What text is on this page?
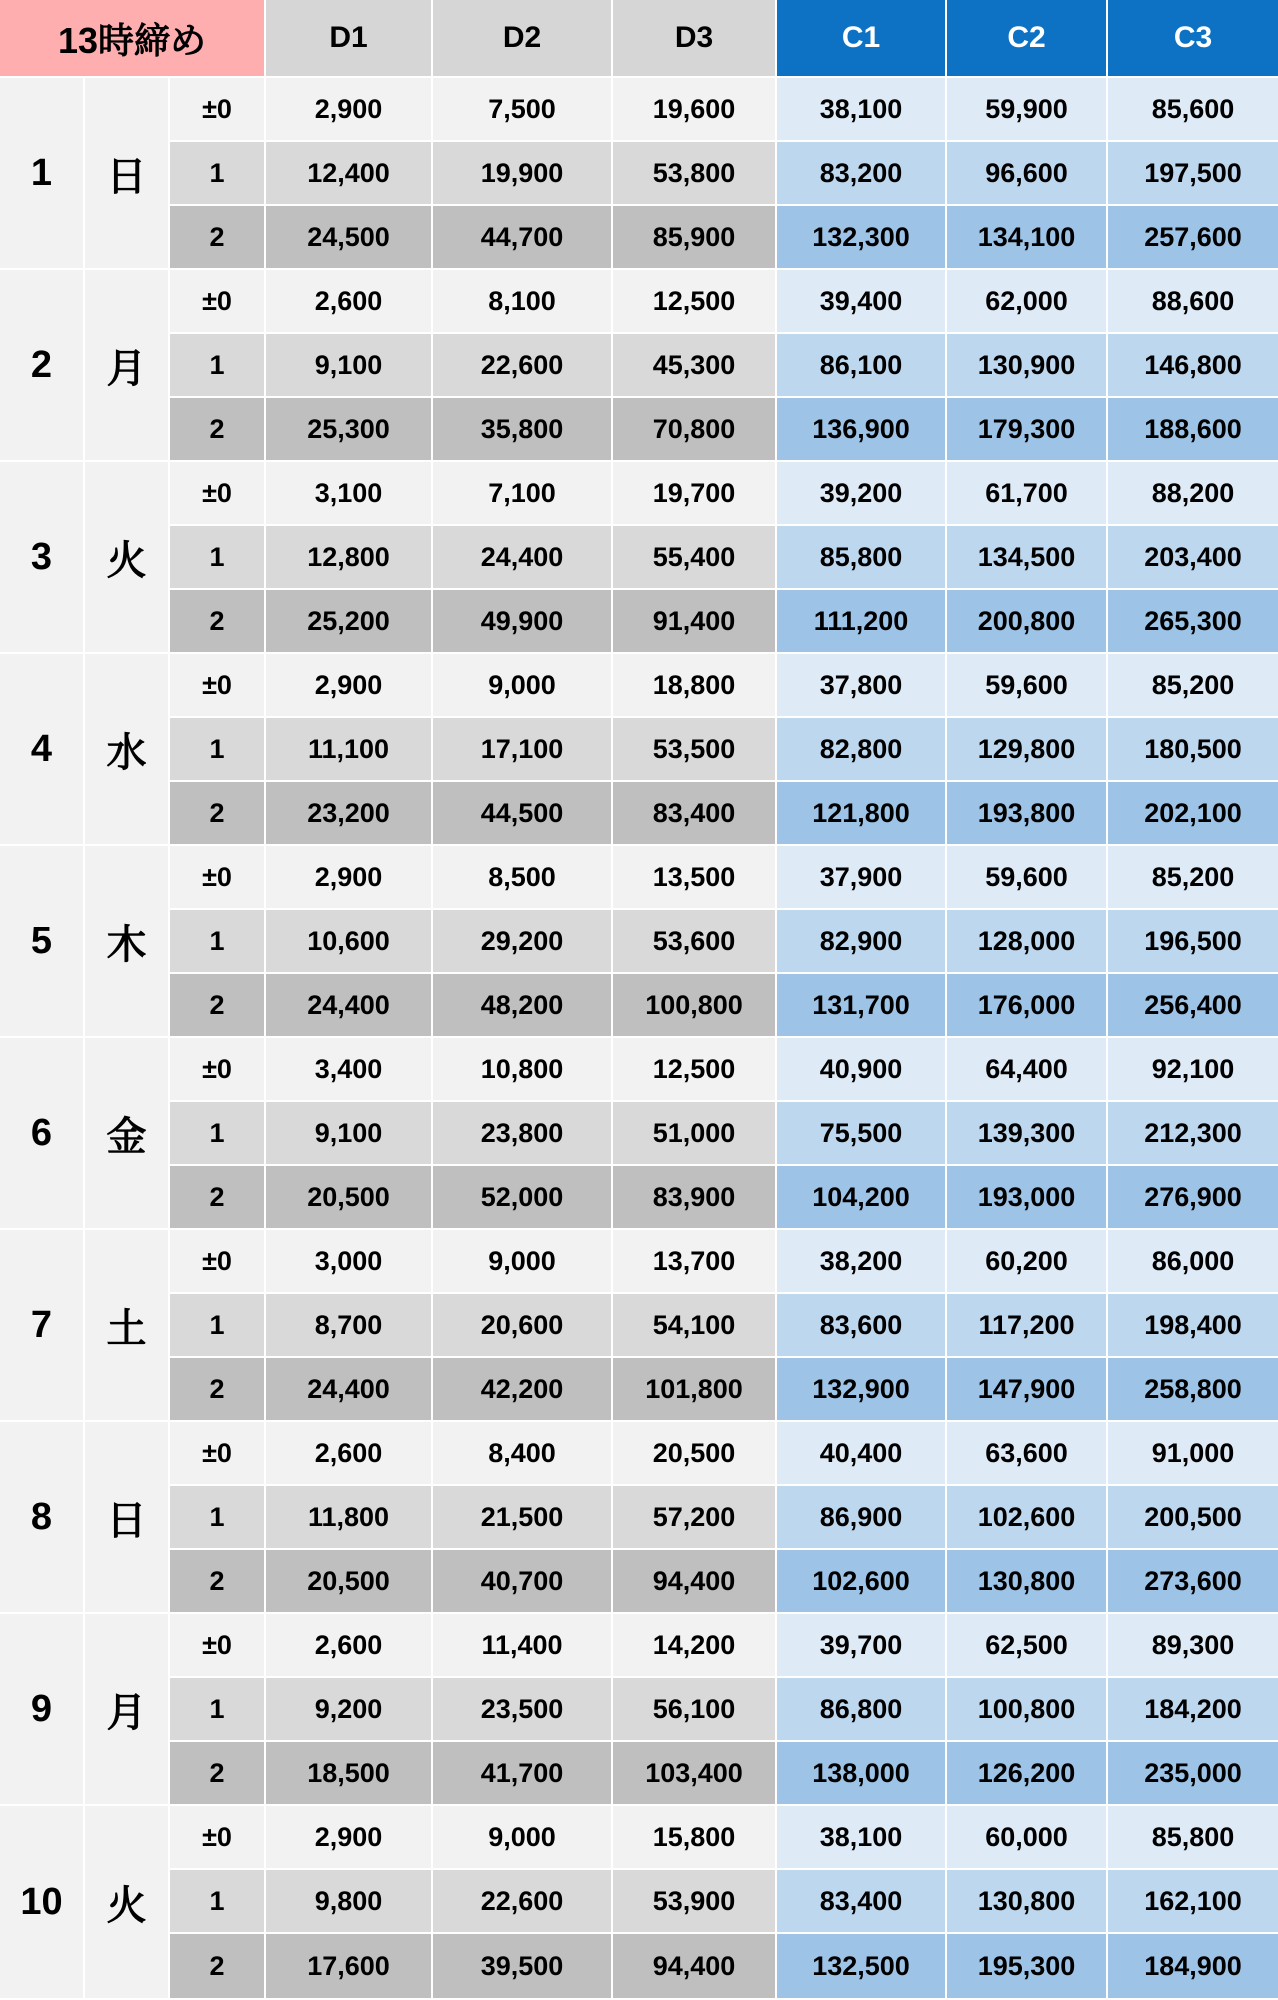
13時締め	D1	D2	D3	C1	C2	C3
1	日
±0	2,900	7,500	19,600	38,100	59,900	85,600
1	12,400	19,900	53,800	83,200	96,600	197,500
2	24,500	44,700	85,900	132,300	134,100	257,600
2	月
±0	2,600	8,100	12,500	39,400	62,000	88,600
1	9,100	22,600	45,300	86,100	130,900	146,800
2	25,300	35,800	70,800	136,900	179,300	188,600
3	火
±0	3,100	7,100	19,700	39,200	61,700	88,200
1	12,800	24,400	55,400	85,800	134,500	203,400
2	25,200	49,900	91,400	111,200	200,800	265,300
4	水
±0	2,900	9,000	18,800	37,800	59,600	85,200
1	11,100	17,100	53,500	82,800	129,800	180,500
2	23,200	44,500	83,400	121,800	193,800	202,100
5	木
±0	2,900	8,500	13,500	37,900	59,600	85,200
1	10,600	29,200	53,600	82,900	128,000	196,500
2	24,400	48,200	100,800	131,700	176,000	256,400
6	金
±0	3,400	10,800	12,500	40,900	64,400	92,100
1	9,100	23,800	51,000	75,500	139,300	212,300
2	20,500	52,000	83,900	104,200	193,000	276,900
7	土
±0	3,000	9,000	13,700	38,200	60,200	86,000
1	8,700	20,600	54,100	83,600	117,200	198,400
2	24,400	42,200	101,800	132,900	147,900	258,800
8	日
±0	2,600	8,400	20,500	40,400	63,600	91,000
1	11,800	21,500	57,200	86,900	102,600	200,500
2	20,500	40,700	94,400	102,600	130,800	273,600
9	月
±0	2,600	11,400	14,200	39,700	62,500	89,300
1	9,200	23,500	56,100	86,800	100,800	184,200
2	18,500	41,700	103,400	138,000	126,200	235,000
10	火
±0	2,900	9,000	15,800	38,100	60,000	85,800
1	9,800	22,600	53,900	83,400	130,800	162,100
2	17,600	39,500	94,400	132,500	195,300	184,900
